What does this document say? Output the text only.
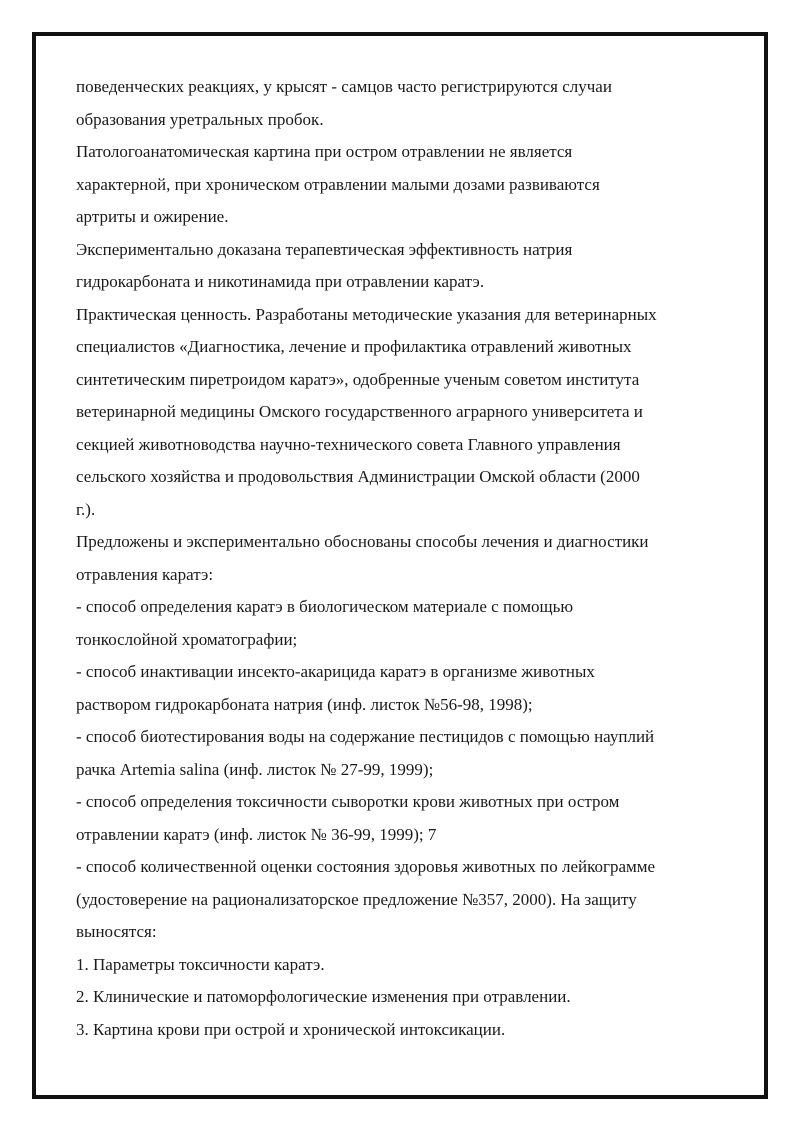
поведенческих реакциях, у крысят - самцов часто регистрируются случаи
образования уретральных пробок.
Патологоанатомическая картина при остром отравлении не является
характерной, при хроническом отравлении малыми дозами развиваются
артриты и ожирение.
Экспериментально доказана терапевтическая эффективность натрия
гидрокарбоната и никотинамида при отравлении каратэ.
Практическая ценность. Разработаны методические указания для ветеринарных
специалистов «Диагностика, лечение и профилактика отравлений животных
синтетическим пиретроидом каратэ», одобренные ученым советом института
ветеринарной медицины Омского государственного аграрного университета и
секцией животноводства научно-технического совета Главного управления
сельского хозяйства и продовольствия Администрации Омской области (2000
г.).
Предложены и экспериментально обоснованы способы лечения и диагностики
отравления каратэ:
- способ определения каратэ в биологическом материале с помощью
тонкослойной хроматографии;
- способ инактивации инсекто-акарицида каратэ в организме животных
раствором гидрокарбоната натрия (инф. листок №56-98, 1998);
- способ биотестирования воды на содержание пестицидов с помощью науплий
рачка Artemia salina (инф. листок № 27-99, 1999);
- способ определения токсичности сыворотки крови животных при остром
отравлении каратэ (инф. листок № 36-99, 1999); 7
- способ количественной оценки состояния здоровья животных по лейкограмме
(удостоверение на рационализаторское предложение №357, 2000). На защиту
выносятся:
1. Параметры токсичности каратэ.
2. Клинические и патоморфологические изменения при отравлении.
3. Картина крови при острой и хронической интоксикации.
